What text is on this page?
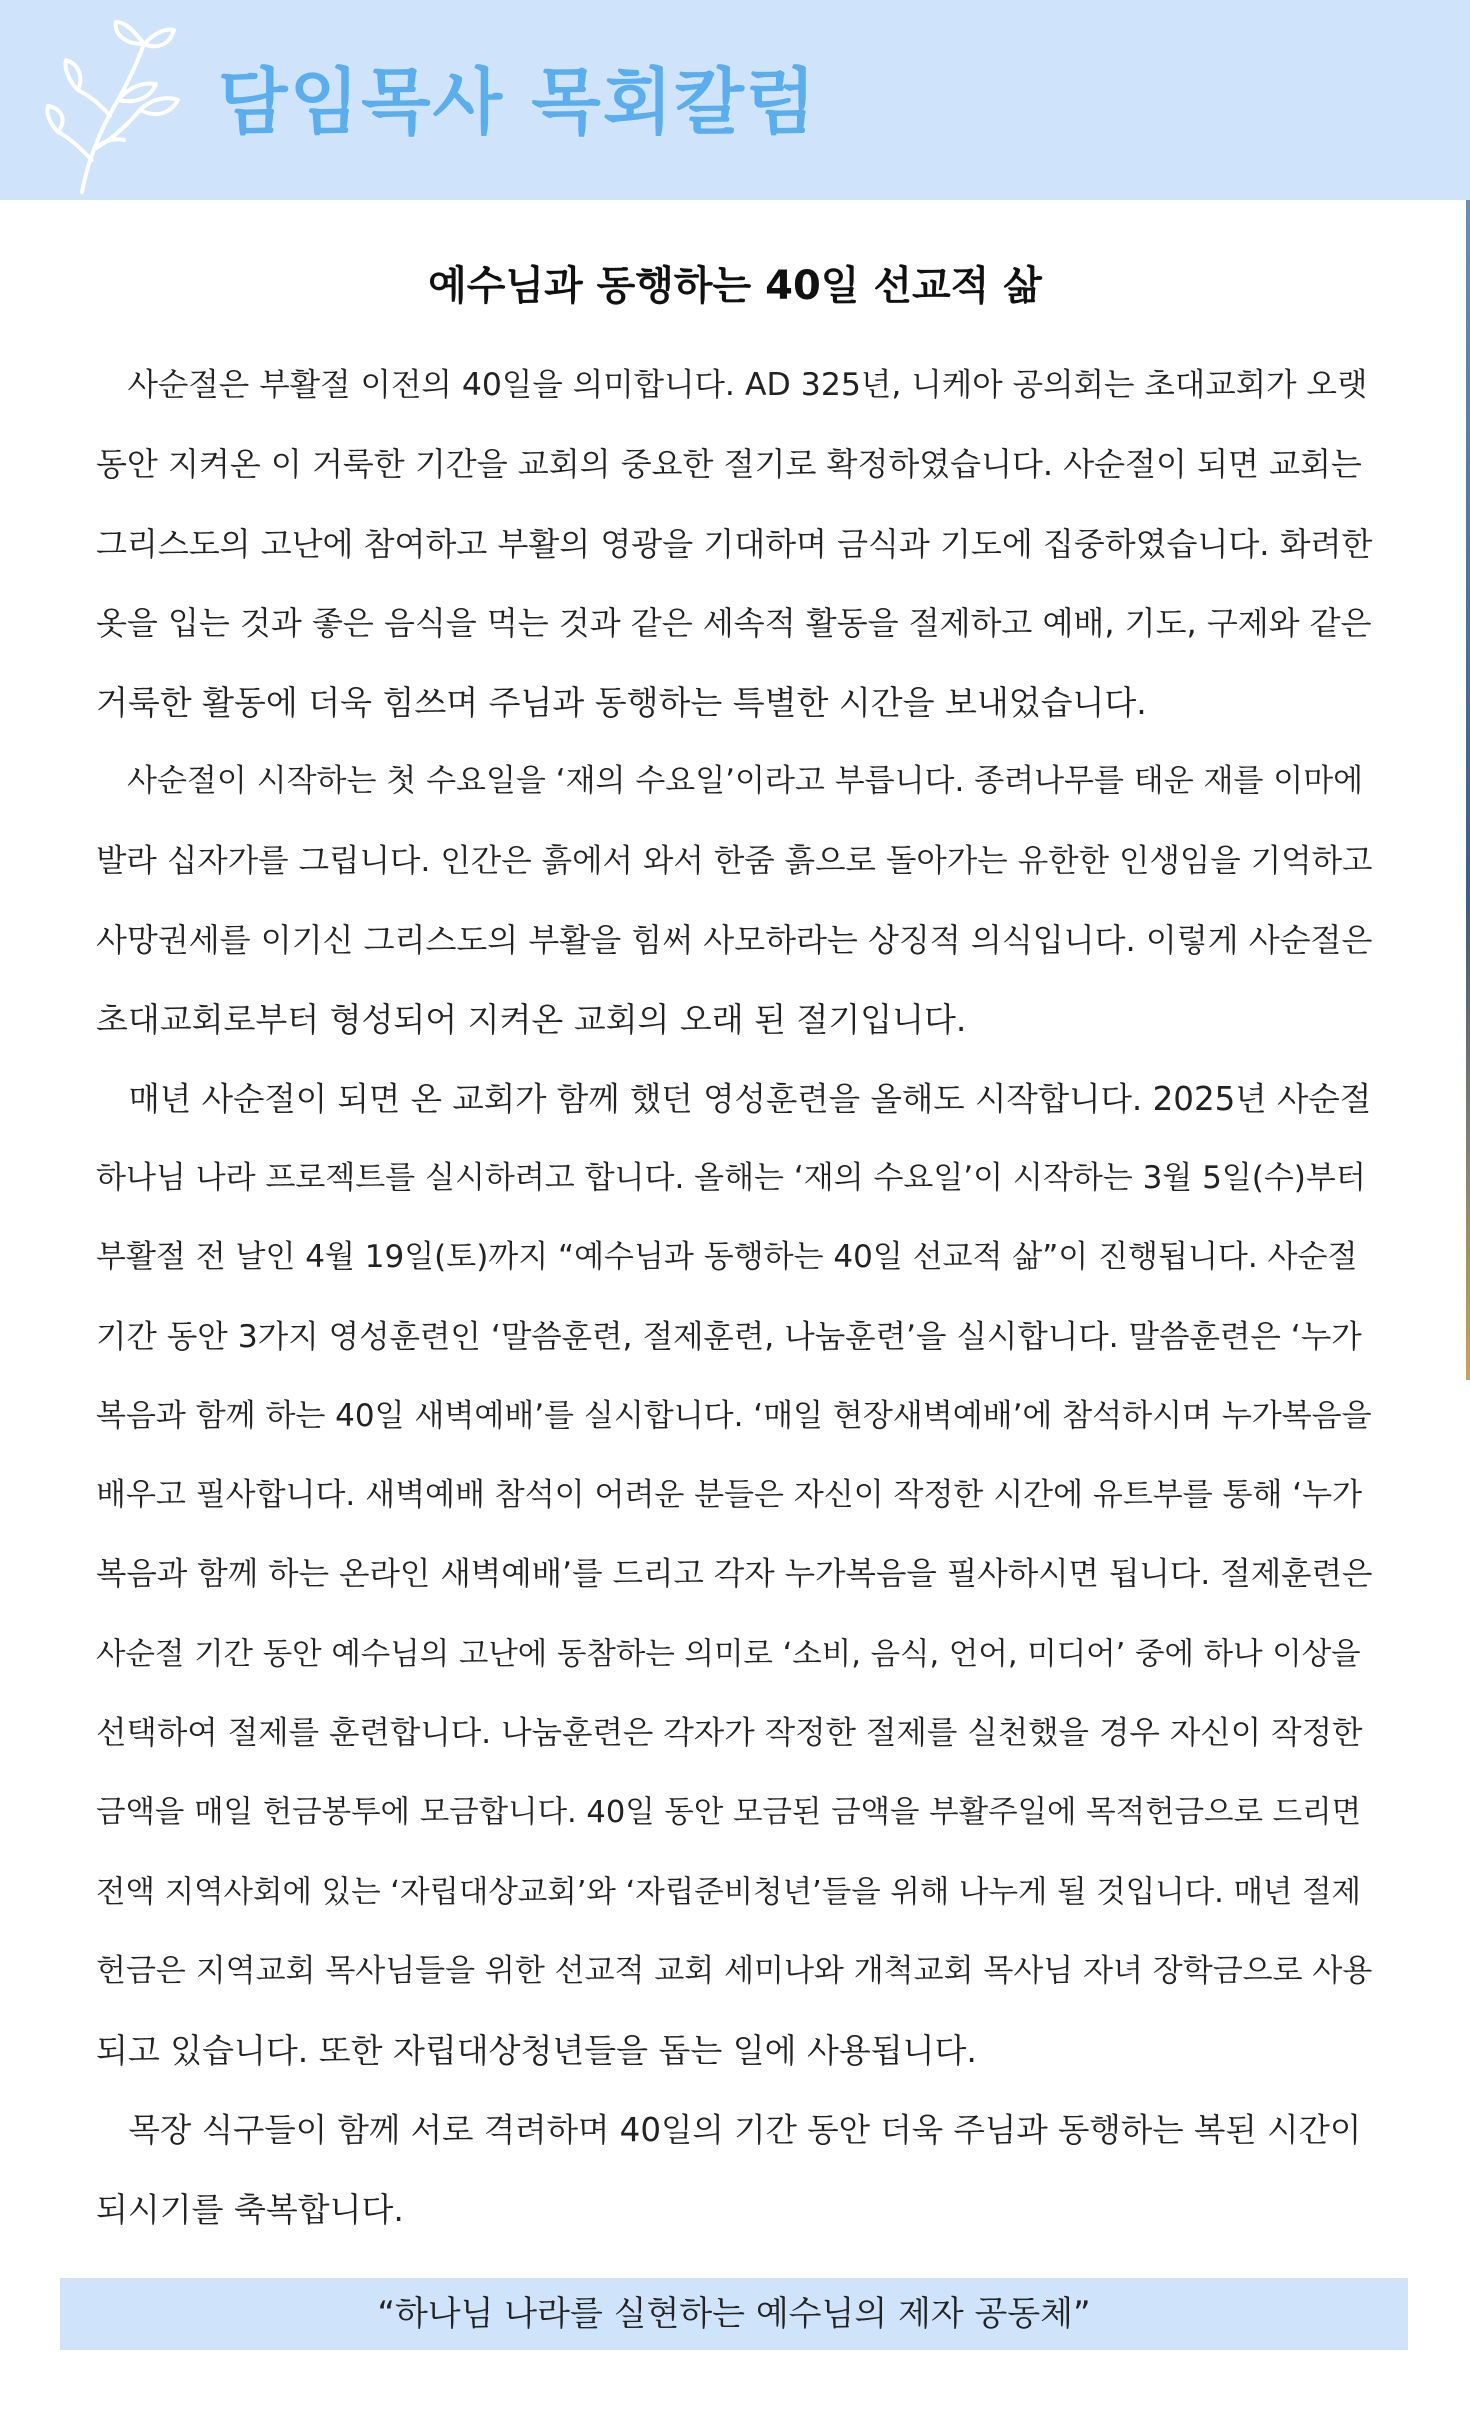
담임목사 목회칼럼
예수님과 동행하는 40일 선교적 삶
　사순절은 부활절 이전의 40일을 의미합니다. AD 325년, 니케아 공의회는 초대교회가 오랫
동안 지켜온 이 거룩한 기간을 교회의 중요한 절기로 확정하였습니다. 사순절이 되면 교회는
그리스도의 고난에 참여하고 부활의 영광을 기대하며 금식과 기도에 집중하였습니다. 화려한
옷을 입는 것과 좋은 음식을 먹는 것과 같은 세속적 활동을 절제하고 예배, 기도, 구제와 같은
거룩한 활동에 더욱 힘쓰며 주님과 동행하는 특별한 시간을 보내었습니다.
　사순절이 시작하는 첫 수요일을 ‘재의 수요일’이라고 부릅니다. 종려나무를 태운 재를 이마에
발라 십자가를 그립니다. 인간은 흙에서 와서 한줌 흙으로 돌아가는 유한한 인생임을 기억하고
사망권세를 이기신 그리스도의 부활을 힘써 사모하라는 상징적 의식입니다. 이렇게 사순절은
초대교회로부터 형성되어 지켜온 교회의 오래 된 절기입니다.
　매년 사순절이 되면 온 교회가 함께 했던 영성훈련을 올해도 시작합니다. 2025년 사순절
하나님 나라 프로젝트를 실시하려고 합니다. 올해는 ‘재의 수요일’이 시작하는 3월 5일(수)부터
부활절 전 날인 4월 19일(토)까지 “예수님과 동행하는 40일 선교적 삶”이 진행됩니다. 사순절
기간 동안 3가지 영성훈련인 ‘말씀훈련, 절제훈련, 나눔훈련’을 실시합니다. 말씀훈련은 ‘누가
복음과 함께 하는 40일 새벽예배’를 실시합니다. ‘매일 현장새벽예배’에 참석하시며 누가복음을
배우고 필사합니다. 새벽예배 참석이 어려운 분들은 자신이 작정한 시간에 유트부를 통해 ‘누가
복음과 함께 하는 온라인 새벽예배’를 드리고 각자 누가복음을 필사하시면 됩니다. 절제훈련은
사순절 기간 동안 예수님의 고난에 동참하는 의미로 ‘소비, 음식, 언어, 미디어’ 중에 하나 이상을
선택하여 절제를 훈련합니다. 나눔훈련은 각자가 작정한 절제를 실천했을 경우 자신이 작정한
금액을 매일 헌금봉투에 모금합니다. 40일 동안 모금된 금액을 부활주일에 목적헌금으로 드리면
전액 지역사회에 있는 ‘자립대상교회’와 ‘자립준비청년’들을 위해 나누게 될 것입니다. 매년 절제
헌금은 지역교회 목사님들을 위한 선교적 교회 세미나와 개척교회 목사님 자녀 장학금으로 사용
되고 있습니다. 또한 자립대상청년들을 돕는 일에 사용됩니다.
　목장 식구들이 함께 서로 격려하며 40일의 기간 동안 더욱 주님과 동행하는 복된 시간이
되시기를 축복합니다.
“하나님 나라를 실현하는 예수님의 제자 공동체”
